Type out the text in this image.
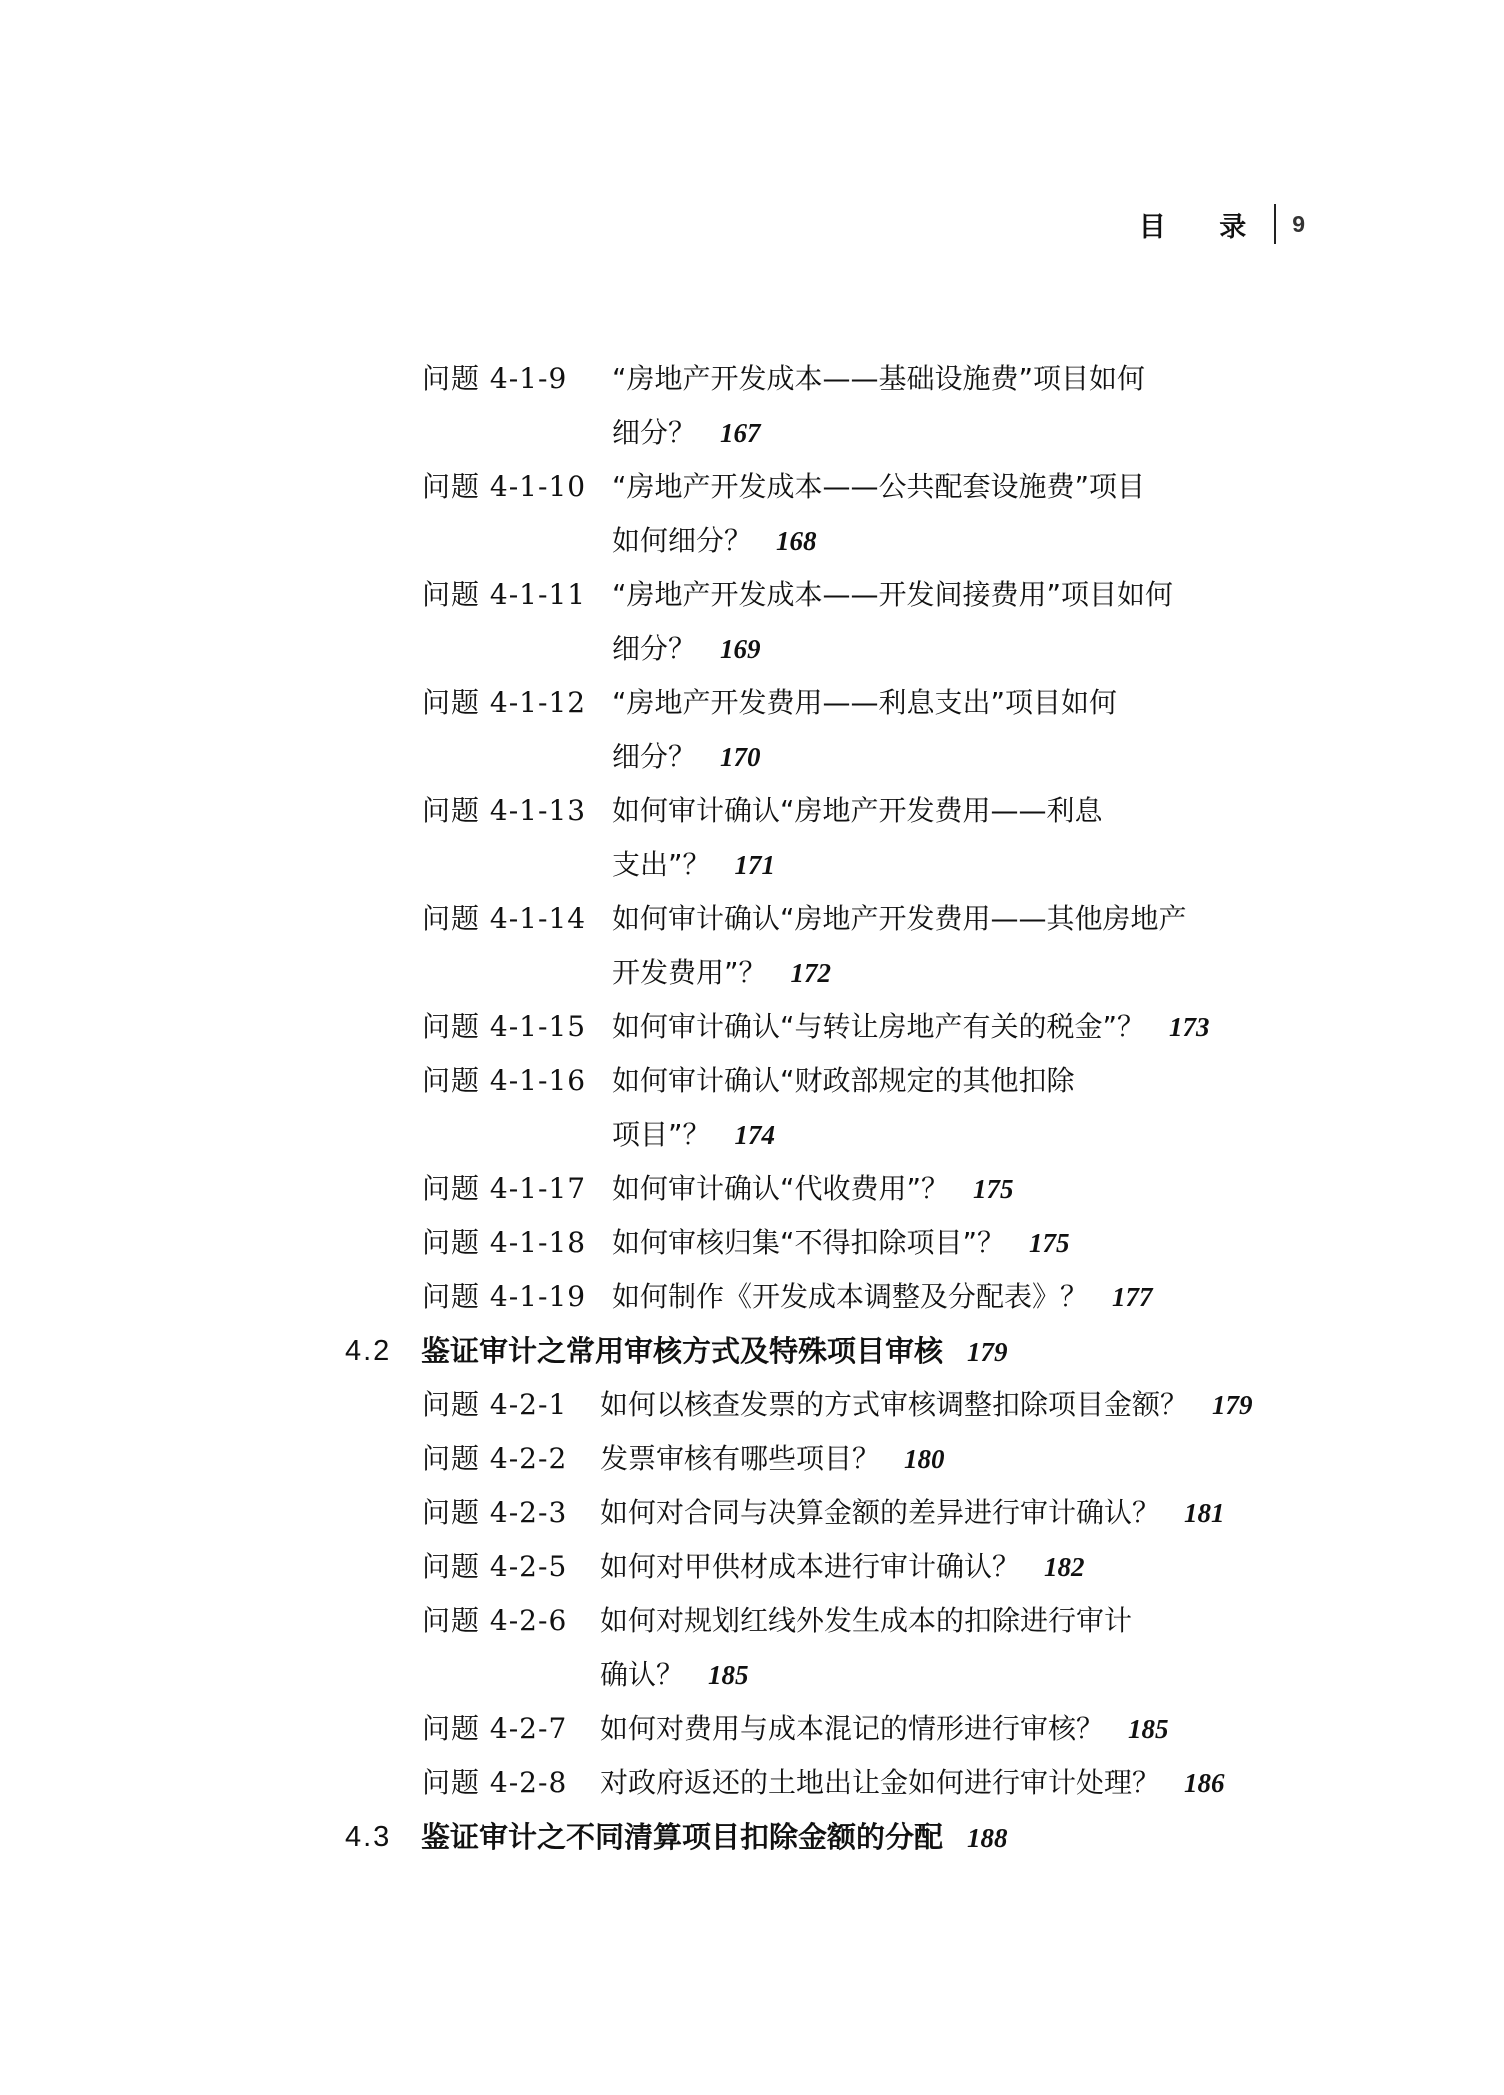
目 录 9
问题 4-1-9 “房地产开发成本——基础设施费”项目如何
细分？ 167
问题 4-1-10 “房地产开发成本——公共配套设施费”项目
如何细分？ 168
问题 4-1-11 “房地产开发成本——开发间接费用”项目如何
细分？ 169
问题 4-1-12 “房地产开发费用——利息支出”项目如何
细分？ 170
问题 4-1-13 如何审计确认“房地产开发费用——利息
支出”？ 171
问题 4-1-14 如何审计确认“房地产开发费用——其他房地产
开发费用”？ 172
问题 4-1-15 如何审计确认“与转让房地产有关的税金”？ 173
问题 4-1-16 如何审计确认“财政部规定的其他扣除
项目”？ 174
问题 4-1-17 如何审计确认“代收费用”？ 175
问题 4-1-18 如何审核归集“不得扣除项目”？ 175
问题 4-1-19 如何制作《开发成本调整及分配表》？ 177
4.2 鉴证审计之常用审核方式及特殊项目审核 179
问题 4-2-1 如何以核查发票的方式审核调整扣除项目金额？ 179
问题 4-2-2 发票审核有哪些项目？ 180
问题 4-2-3 如何对合同与决算金额的差异进行审计确认？ 181
问题 4-2-5 如何对甲供材成本进行审计确认？ 182
问题 4-2-6 如何对规划红线外发生成本的扣除进行审计
确认？ 185
问题 4-2-7 如何对费用与成本混记的情形进行审核？ 185
问题 4-2-8 对政府返还的土地出让金如何进行审计处理？ 186
4.3 鉴证审计之不同清算项目扣除金额的分配 188
